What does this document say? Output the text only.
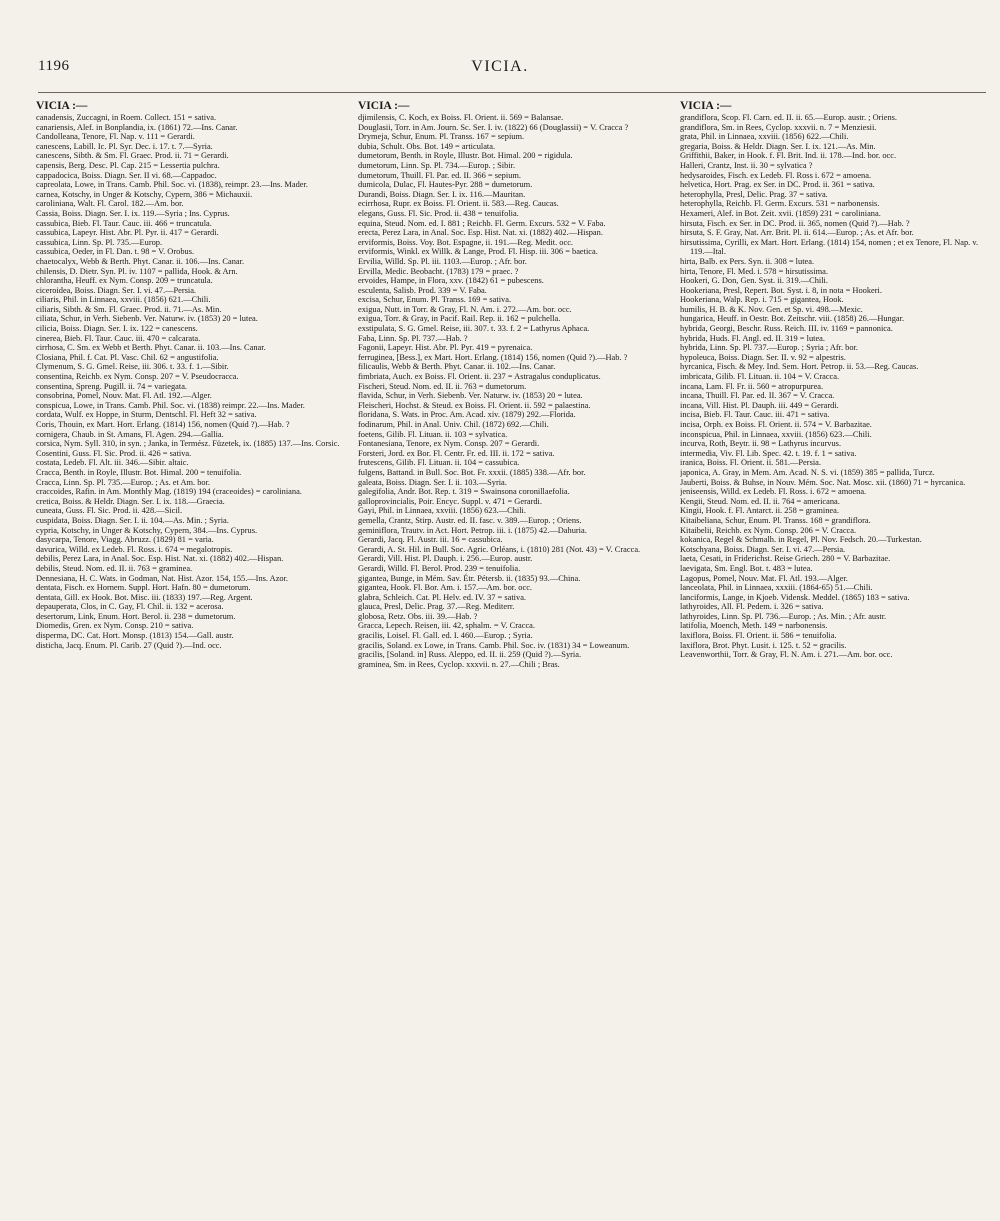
1196	VICIA.
VICIA :—
canadensis, Zuccagni, in Roem. Collect. 151 = sativa.
canariensis, Alef. in Bonplandia, ix. (1861) 72.—Ins. Canar.
Candolleana, Tenore, Fl. Nap. v. 111 = Gerardi.
canescens, Labill. Ic. Pl. Syr. Dec. i. 17. t. 7.—Syria.
canescens, Sibth. & Sm. Fl. Graec. Prod. ii. 71 = Gerardi.
capensis, Berg. Desc. Pl. Cap. 215 = Lessertia pulchra.
cappadocica, Boiss. Diagn. Ser. II vi. 68.—Cappadoc.
capreolata, Lowe, in Trans. Camb. Phil. Soc. vi. (1838), reimpr. 23.—Ins. Mader.
carnea, Kotschy, in Unger & Kotschy, Cypern, 386 = Michauxii.
caroliniana, Walt. Fl. Carol. 182.—Am. bor.
Cassia, Boiss. Diagn. Ser. I. ix. 119.—Syria ; Ins. Cyprus.
cassubica, Bieb. Fl. Taur. Cauc. iii. 466 = truncatula.
cassubica, Lapeyr. Hist. Abr. Pl. Pyr. ii. 417 = Gerardi.
cassubica, Linn. Sp. Pl. 735.—Europ.
cassubica, Oeder, in Fl. Dan. t. 98 = V. Orobus.
chaetocalyx, Webb & Berth. Phyt. Canar. ii. 106.—Ins. Canar.
chilensis, D. Dietr. Syn. Pl. iv. 1107 = pallida, Hook. & Arn.
chlorantha, Heuff. ex Nym. Consp. 209 = truncatula.
ciceroidea, Boiss. Diagn. Ser. I. vi. 47.—Persia.
ciliaris, Phil. in Linnaea, xxviii. (1856) 621.—Chili.
ciliaris, Sibth. & Sm. Fl. Graec. Prod. ii. 71.—As. Min.
ciliata, Schur, in Verh. Siebenb. Ver. Naturw. iv. (1853) 20 = lutea.
cilicia, Boiss. Diagn. Ser. I. ix. 122 = canescens.
cinerea, Bieb. Fl. Taur. Cauc. iii. 470 = calcarata.
cirrhosa, C. Sm. ex Webb et Berth. Phyt. Canar. ii. 103.—Ins. Canar.
Closiana, Phil. f. Cat. Pl. Vasc. Chil. 62 = angustifolia.
Clymenum, S. G. Gmel. Reise, iii. 306. t. 33. f. 1.—Sibir.
consentina, Reichb. ex Nym. Consp. 207 = V. Pseudocracca.
consentina, Spreng. Pugill. ii. 74 = variegata.
consobrina, Pomel, Nouv. Mat. Fl. Atl. 192.—Alger.
conspicua, Lowe, in Trans. Camb. Phil. Soc. vi. (1838) reimpr. 22.—Ins. Mader.
cordata, Wulf. ex Hoppe, in Sturm, Dentschl. Fl. Heft 32 = sativa.
Coris, Thouin, ex Mart. Hort. Erlang. (1814) 156, nomen (Quid ?).—Hab. ?
cornigera, Chaub. in St. Amans, Fl. Agen. 294.—Gallia.
corsica, Nym. Syll. 310, in syn. ; Janka, in Termész. Füzetek, ix. (1885) 137.—Ins. Corsic.
Cosentini, Guss. Fl. Sic. Prod. ii. 426 = sativa.
costata, Ledeb. Fl. Alt. iii. 346.—Sibir. altaic.
Cracca, Benth. in Royle, Illustr. Bot. Himal. 200 = tenuifolia.
Cracca, Linn. Sp. Pl. 735.—Europ. ; As. et Am. bor.
craccoides, Rafin. in Am. Monthly Mag. (1819) 194 (craceoides) = caroliniana.
cretica, Boiss. & Heldr. Diagn. Ser. I. ix. 118.—Graecia.
cuneata, Guss. Fl. Sic. Prod. ii. 428.—Sicil.
cuspidata, Boiss. Diagn. Ser. I. ii. 104.—As. Min. ; Syria.
cypria, Kotschy, in Unger & Kotschy, Cypern, 384.—Ins. Cyprus.
dasycarpa, Tenore, Viagg. Abruzz. (1829) 81 = varia.
davurica, Willd. ex Ledeb. Fl. Ross. i. 674 = megalotropis.
debilis, Perez Lara, in Anal. Soc. Esp. Hist. Nat. xi. (1882) 402.—Hispan.
debilis, Steud. Nom. ed. II. ii. 763 = graminea.
Dennesiana, H. C. Wats. in Godman, Nat. Hist. Azor. 154, 155.—Ins. Azor.
dentata, Fisch. ex Hornem. Suppl. Hort. Hafn. 80 = dumetorum.
dentata, Gill. ex Hook. Bot. Misc. iii. (1833) 197.—Reg. Argent.
depauperata, Clos, in C. Gay, Fl. Chil. ii. 132 = acerosa.
desertorum, Link, Enum. Hort. Berol. ii. 238 = dumetorum.
Diomedis, Gren. ex Nym. Consp. 210 = sativa.
disperma, DC. Cat. Hort. Monsp. (1813) 154.—Gall. austr.
disticha, Jacq. Enum. Pl. Carib. 27 (Quid ?).—Ind. occ.
VICIA :—
djimilensis, C. Koch, ex Boiss. Fl. Orient. ii. 569 = Balansae.
Douglasii, Torr. in Am. Journ. Sc. Ser. I. iv. (1822) 66 (Douglassii) = V. Cracca ?
Drymeja, Schur, Enum. Pl. Transs. 167 = sepium.
dubia, Schult. Obs. Bot. 149 = articulata.
dumetorum, Benth. in Royle, Illustr. Bot. Himal. 200 = rigidula.
dumetorum, Linn. Sp. Pl. 734.—Europ. ; Sibir.
dumetorum, Thuill. Fl. Par. ed. II. 366 = sepium.
dumicola, Dulac, Fl. Hautes-Pyr. 288 = dumetorum.
Durandi, Boiss. Diagn. Ser. I. ix. 116.—Mauritan.
ecirrhosa, Rupr. ex Boiss. Fl. Orient. ii. 583.—Reg. Caucas.
elegans, Guss. Fl. Sic. Prod. ii. 438 = tenuifolia.
equina, Steud. Nom. ed. I. 881 ; Reichb. Fl. Germ. Excurs. 532 = V. Faba.
erecta, Perez Lara, in Anal. Soc. Esp. Hist. Nat. xi. (1882) 402.—Hispan.
erviformis, Boiss. Voy. Bot. Espagne, ii. 191.—Reg. Medit. occ.
erviformis, Winkl. ex Willk. & Lange, Prod. Fl. Hisp. iii. 306 = baetica.
Ervilia, Willd. Sp. Pl. iii. 1103.—Europ. ; Afr. bor.
Ervilla, Medic. Beobacht. (1783) 179 = praec. ?
ervoides, Hampe, in Flora, xxv. (1842) 61 = pubescens.
esculenta, Salisb. Prod. 339 = V. Faba.
excisa, Schur, Enum. Pl. Transs. 169 = sativa.
exigua, Nutt. in Torr. & Gray, Fl. N. Am. i. 272.—Am. bor. occ.
exigua, Torr. & Gray, in Pacif. Rail. Rep. ii. 162 = pulchella.
exstipulata, S. G. Gmel. Reise, iii. 307. t. 33. f. 2 = Lathyrus Aphaca.
Faba, Linn. Sp. Pl. 737.—Hab. ?
Fagonii, Lapeyr. Hist. Abr. Pl. Pyr. 419 = pyrenaica.
ferruginea, [Bess.], ex Mart. Hort. Erlang. (1814) 156, nomen (Quid ?).—Hab. ?
filicaulis, Webb & Berth. Phyt. Canar. ii. 102.—Ins. Canar.
fimbriata, Auch. ex Boiss. Fl. Orient. ii. 237 = Astragalus conduplicatus.
Fischeri, Steud. Nom. ed. II. ii. 763 = dumetorum.
flavida, Schur, in Verh. Siebenb. Ver. Naturw. iv. (1853) 20 = lutea.
Fleischeri, Hochst. & Steud. ex Boiss. Fl. Orient. ii. 592 = palaestina.
floridana, S. Wats. in Proc. Am. Acad. xiv. (1879) 292.—Florida.
fodinarum, Phil. in Anal. Univ. Chil. (1872) 692.—Chili.
foetens, Gilib. Fl. Lituan. ii. 103 = sylvatica.
Fontanesiana, Tenore, ex Nym. Consp. 207 = Gerardi.
Forsteri, Jord. ex Bor. Fl. Centr. Fr. ed. III. ii. 172 = sativa.
frutescens, Gilib. Fl. Lituan. ii. 104 = cassubica.
fulgens, Battand. in Bull. Soc. Bot. Fr. xxxii. (1885) 338.—Afr. bor.
galeata, Boiss. Diagn. Ser. I. ii. 103.—Syria.
galegifolia, Andr. Bot. Rep. t. 319 = Swainsona coronillaefolia.
galloprovincialis, Poir. Encyc. Suppl. v. 471 = Gerardi.
Gayi, Phil. in Linnaea, xxviii. (1856) 623.—Chili.
gemella, Crantz, Stirp. Austr. ed. II. fasc. v. 389.—Europ. ; Oriens.
geminiflora, Trautv. in Act. Hort. Petrop. iii. i. (1875) 42.—Dahuria.
Gerardi, Jacq. Fl. Austr. iii. 16 = cassubica.
Gerardi, A. St. Hil. in Bull. Soc. Agric. Orléans, i. (1810) 281 (Not. 43) = V. Cracca.
Gerardi, Vill. Hist. Pl. Dauph. i. 256.—Europ. austr.
Gerardi, Willd. Fl. Berol. Prod. 239 = tenuifolia.
gigantea, Bunge, in Mém. Sav. Étr. Pétersb. ii. (1835) 93.—China.
gigantea, Hook. Fl. Bor. Am. i. 157.—Am. bor. occ.
glabra, Schleich. Cat. Pl. Helv. ed. IV. 37 = sativa.
glauca, Presl, Delic. Prag. 37.—Reg. Mediterr.
globosa, Retz. Obs. iii. 39.—Hab. ?
Gracca, Lepech. Reisen, iii. 42, sphalm. = V. Cracca.
gracilis, Loisel. Fl. Gall. ed. I. 460.—Europ. ; Syria.
gracilis, Soland. ex Lowe, in Trans. Camb. Phil. Soc. iv. (1831) 34 = Loweanum.
gracilis, [Soland. in] Russ. Aleppo, ed. II. ii. 259 (Quid ?).—Syria.
graminea, Sm. in Rees, Cyclop. xxxvii. n. 27.—Chili ; Bras.
VICIA :—
grandiflora, Scop. Fl. Carn. ed. II. ii. 65.—Europ. austr. ; Oriens.
grandiflora, Sm. in Rees, Cyclop. xxxvii. n. 7 = Menziesii.
grata, Phil. in Linnaea, xxviii. (1856) 622.—Chili.
gregaria, Boiss. & Heldr. Diagn. Ser. I. ix. 121.—As. Min.
Griffithii, Baker, in Hook. f. Fl. Brit. Ind. ii. 178.—Ind. bor. occ.
Halleri, Crantz, Inst. ii. 30 = sylvatica ?
hedysaroides, Fisch. ex Ledeb. Fl. Ross i. 672 = amoena.
helvetica, Hort. Prag. ex Ser. in DC. Prod. ii. 361 = sativa.
heterophylla, Presl, Delic. Prag. 37 = sativa.
heterophylla, Reichb. Fl. Germ. Excurs. 531 = narbonensis.
Hexameri, Alef. in Bot. Zeit. xvii. (1859) 231 = caroliniana.
hirsuta, Fisch. ex Ser. in DC. Prod. ii. 365, nomen (Quid ?).—Hab. ?
hirsuta, S. F. Gray, Nat. Arr. Brit. Pl. ii. 614.—Europ. ; As. et Afr. bor.
hirsutissima, Cyrilli, ex Mart. Hort. Erlang. (1814) 154, nomen ; et ex Tenore, Fl. Nap. v. 119.—Ital.
hirta, Balb. ex Pers. Syn. ii. 308 = lutea.
hirta, Tenore, Fl. Med. i. 578 = hirsutissima.
Hookeri, G. Don, Gen. Syst. ii. 319.—Chili.
Hookeriana, Presl, Repert. Bot. Syst. i. 8, in nota = Hookeri.
Hookeriana, Walp. Rep. i. 715 = gigantea, Hook.
humilis, H. B. & K. Nov. Gen. et Sp. vi. 498.—Mexic.
hungarica, Heuff. in Oestr. Bot. Zeitschr. viii. (1858) 26.—Hungar.
hybrida, Georgi, Beschr. Russ. Reich. III. iv. 1169 = pannonica.
hybrida, Huds. Fl. Angl. ed. II. 319 = lutea.
hybrida, Linn. Sp. Pl. 737.—Europ. ; Syria ; Afr. bor.
hypoleuca, Boiss. Diagn. Ser. II. v. 92 = alpestris.
hyrcanica, Fisch. & Mey. Ind. Sem. Hort. Petrop. ii. 53.—Reg. Caucas.
imbricata, Gilib. Fl. Lituan. ii. 104 = V. Cracca.
incana, Lam. Fl. Fr. ii. 560 = atropurpurea.
incana, Thuill. Fl. Par. ed. II. 367 = V. Cracca.
incana, Vill. Hist. Pl. Dauph. iii. 449 = Gerardi.
incisa, Bieb. Fl. Taur. Cauc. iii. 471 = sativa.
incisa, Orph. ex Boiss. Fl. Orient. ii. 574 = V. Barbazitae.
inconspicua, Phil. in Linnaea, xxviii. (1856) 623.—Chili.
incurva, Roth, Beytr. ii. 98 = Lathyrus incurvus.
intermedia, Viv. Fl. Lib. Spec. 42. t. 19. f. 1 = sativa.
iranica, Boiss. Fl. Orient. ii. 581.—Persia.
japonica, A. Gray, in Mem. Am. Acad. N. S. vi. (1859) 385 = pallida, Turcz.
Jauberti, Boiss. & Buhse, in Nouv. Mém. Soc. Nat. Mosc. xii. (1860) 71 = hyrcanica.
jeniseensis, Willd. ex Ledeb. Fl. Ross. i. 672 = amoena.
Kengii, Steud. Nom. ed. II. ii. 764 = americana.
Kingii, Hook. f. Fl. Antarct. ii. 258 = graminea.
Kitaibeliana, Schur, Enum. Pl. Transs. 168 = grandiflora.
Kitaibelii, Reichb. ex Nym. Consp. 206 = V. Cracca.
kokanica, Regel & Schmalh. in Regel, Pl. Nov. Fedsch. 20.—Turkestan.
Kotschyana, Boiss. Diagn. Ser. I. vi. 47.—Persia.
laeta, Cesati, in Friderichst. Reise Griech. 280 = V. Barbazitae.
laevigata, Sm. Engl. Bot. t. 483 = lutea.
Lagopus, Pomel, Nouv. Mat. Fl. Atl. 193.—Alger.
lanceolata, Phil. in Linnaea, xxxiii. (1864-65) 51.—Chili.
lanciformis, Lange, in Kjoeb. Vidensk. Meddel. (1865) 183 = sativa.
lathyroides, All. Fl. Pedem. i. 326 = sativa.
lathyroides, Linn. Sp. Pl. 736.—Europ. ; As. Min. ; Afr. austr.
latifolia, Moench, Meth. 149 = narbonensis.
laxiflora, Boiss. Fl. Orient. ii. 586 = tenuifolia.
laxiflora, Brot. Phyt. Lusit. i. 125. t. 52 = gracilis.
Leavenworthii, Torr. & Gray, Fl. N. Am. i. 271.—Am. bor. occ.
